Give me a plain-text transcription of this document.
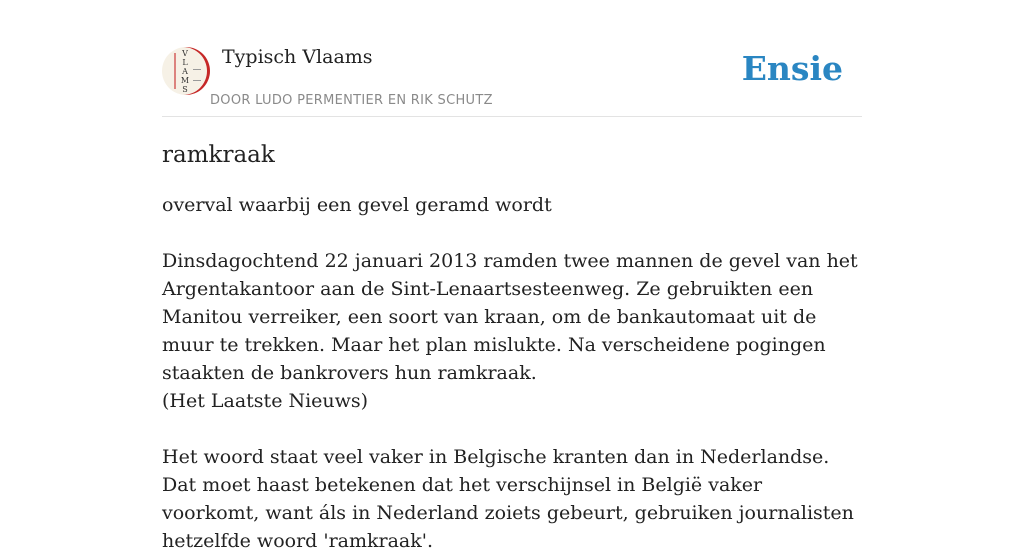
V
L
A
M
S
Typisch Vlaams
DOOR LUDO PERMENTIER EN RIK SCHUTZ
Ensie
ramkraak

overval waarbij een gevel geramd wordt

Dinsdagochtend 22 januari 2013 ramden twee mannen de gevel van het Argentakantoor aan de Sint-Lenaartsesteenweg. Ze gebruikten een Manitou verreiker, een soort van kraan, om de bankautomaat uit de muur te trekken. Maar het plan mislukte. Na verscheidene pogingen staakten de bankrovers hun ramkraak.
(Het Laatste Nieuws)

Het woord staat veel vaker in Belgische kranten dan in Nederlandse. Dat moet haast betekenen dat het verschijnsel in België vaker voorkomt, want áls in Nederland zoiets gebeurt, gebruiken journalisten hetzelfde woord 'ramkraak'.
